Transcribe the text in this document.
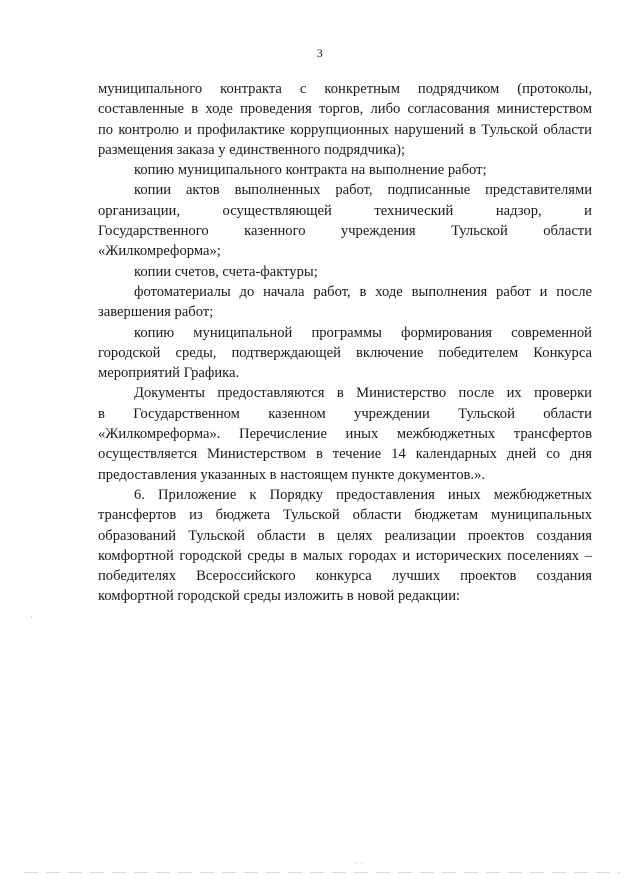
3

муниципального контракта с конкретным подрядчиком (протоколы,
составленные в ходе проведения торгов, либо согласования министерством
по контролю и профилактике коррупционных нарушений в Тульской области
размещения заказа у единственного подрядчика);

копию муниципального контракта на выполнение работ;

копии актов выполненных работ, подписанные представителями
организации, осуществляющей технический надзор, и
Государственного казенного учреждения Тульской области
«Жилкомреформа»;

копии счетов, счета-фактуры;

фотоматериалы до начала работ, в ходе выполнения работ и после
завершения работ;

копию муниципальной программы формирования современной
городской среды, подтверждающей включение победителем Конкурса
мероприятий Графика.

Документы предоставляются в Министерство после их проверки
в Государственном казенном учреждении Тульской области
«Жилкомреформа». Перечисление иных межбюджетных трансфертов
осуществляется Министерством в течение 14 календарных дней со дня
предоставления указанных в настоящем пункте документов.».

6. Приложение к Порядку предоставления иных межбюджетных
трансфертов из бюджета Тульской области бюджетам муниципальных
образований Тульской области в целях реализации проектов создания
комфортной городской среды в малых городах и исторических поселениях –
победителях Всероссийского конкурса лучших проектов создания
комфортной городской среды изложить в новой редакции:

·
· ·
